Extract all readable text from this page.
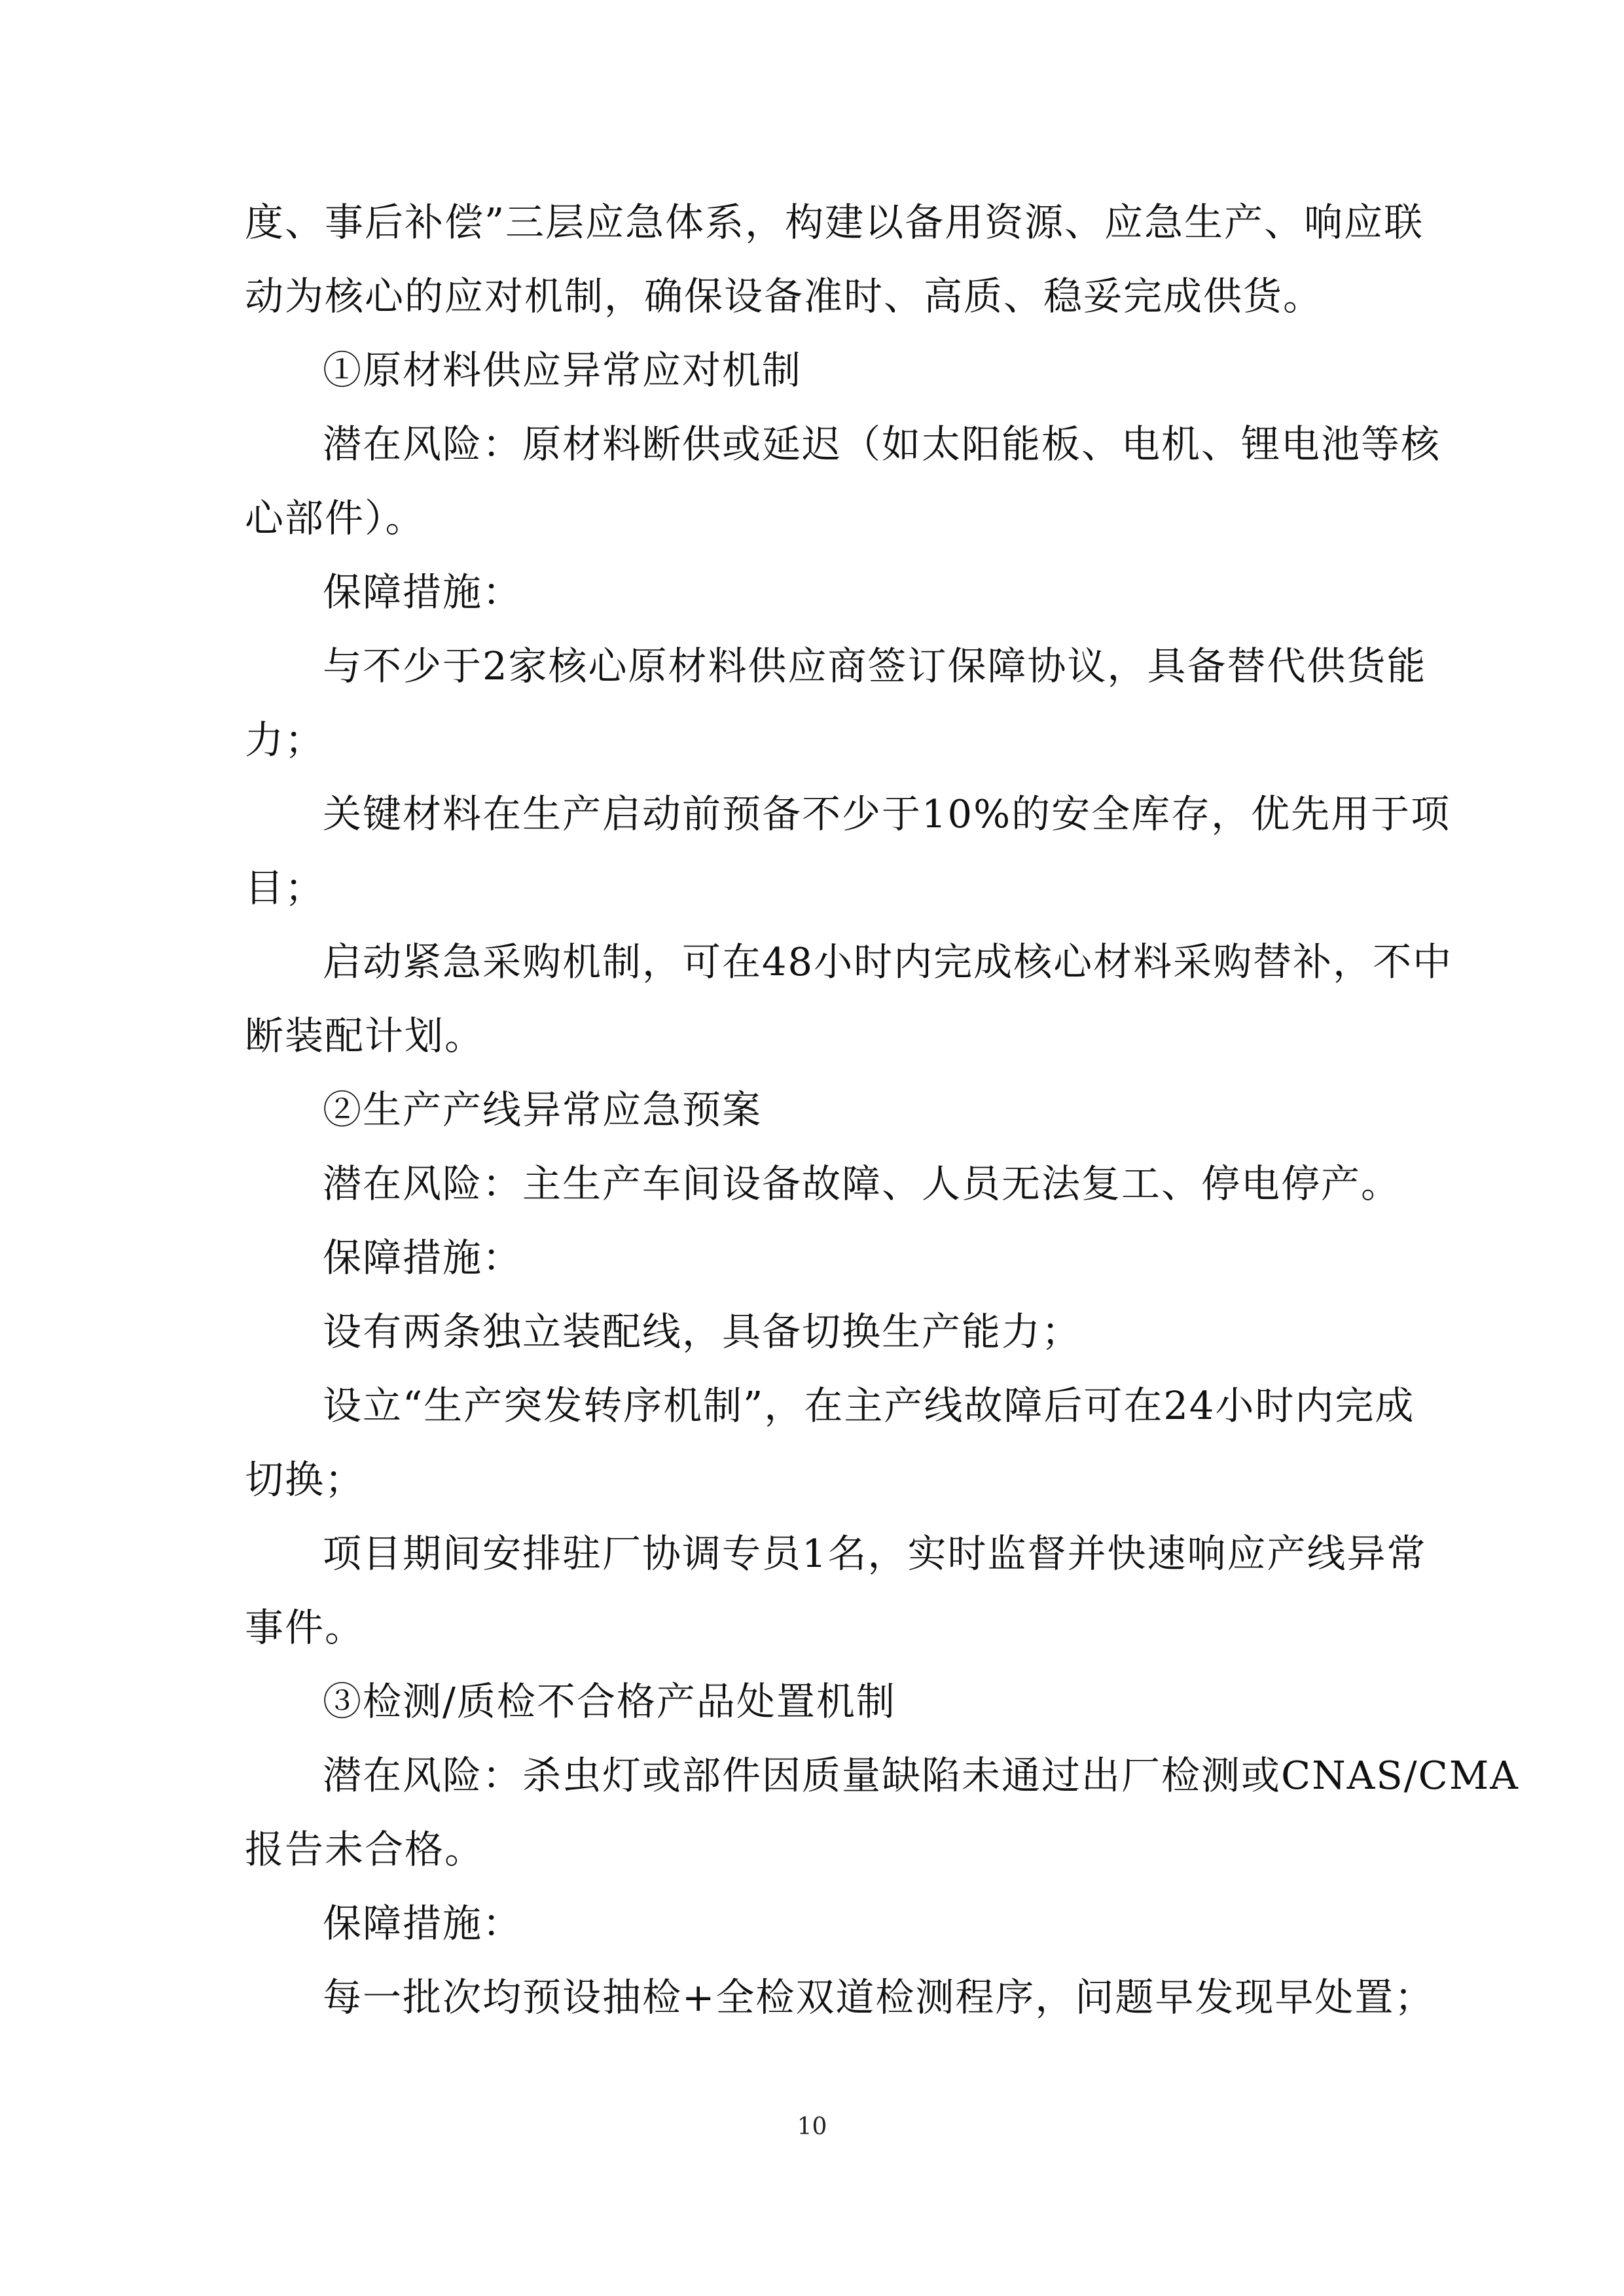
度、事后补偿”三层应急体系，构建以备用资源、应急生产、响应联
动为核心的应对机制，确保设备准时、高质、稳妥完成供货。
①原材料供应异常应对机制
潜在风险：原材料断供或延迟（如太阳能板、电机、锂电池等核
心部件）。
保障措施：
与不少于2家核心原材料供应商签订保障协议，具备替代供货能
力；
关键材料在生产启动前预备不少于10%的安全库存，优先用于项
目；
启动紧急采购机制，可在48小时内完成核心材料采购替补，不中
断装配计划。
②生产产线异常应急预案
潜在风险：主生产车间设备故障、人员无法复工、停电停产。
保障措施：
设有两条独立装配线，具备切换生产能力；
设立“生产突发转序机制”，在主产线故障后可在24小时内完成
切换；
项目期间安排驻厂协调专员1名，实时监督并快速响应产线异常
事件。
③检测/质检不合格产品处置机制
潜在风险：杀虫灯或部件因质量缺陷未通过出厂检测或CNAS/CMA
报告未合格。
保障措施：
每一批次均预设抽检+全检双道检测程序，问题早发现早处置；
10
